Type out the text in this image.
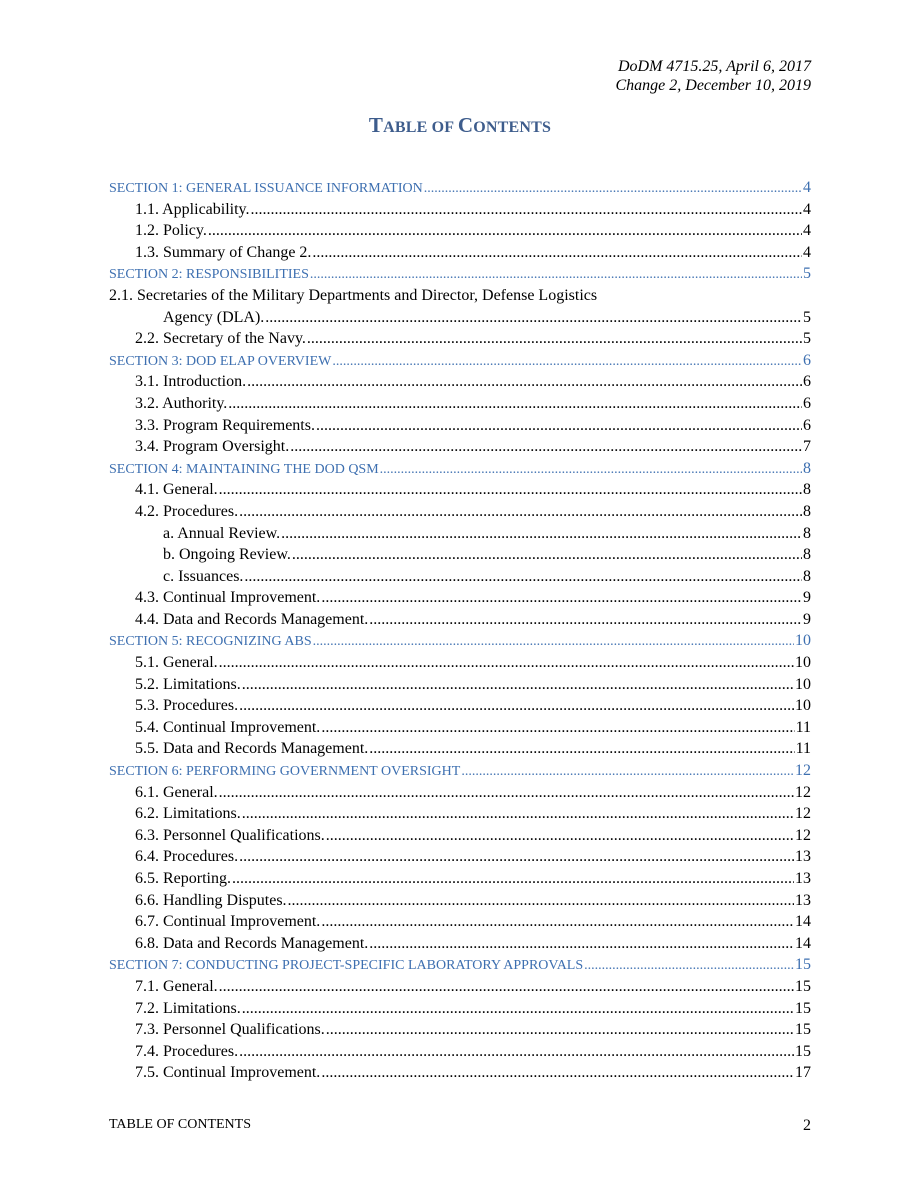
DoDM 4715.25, April 6, 2017
Change 2, December 10, 2019
TABLE OF CONTENTS
SECTION 1: GENERAL ISSUANCE INFORMATION .....	4
1.1. Applicability. .....	4
1.2. Policy. .....	4
1.3. Summary of Change 2. .....	4
SECTION 2: RESPONSIBILITIES .....	5
2.1. Secretaries of the Military Departments and Director, Defense Logistics
Agency (DLA). .....	5
2.2. Secretary of the Navy. .....	5
SECTION 3: DOD ELAP OVERVIEW .....	6
3.1. Introduction. .....	6
3.2. Authority. .....	6
3.3. Program Requirements. .....	6
3.4. Program Oversight. .....	7
SECTION 4: MAINTAINING THE DOD QSM .....	8
4.1. General. .....	8
4.2. Procedures. .....	8
a. Annual Review. .....	8
b. Ongoing Review. .....	8
c. Issuances. .....	8
4.3. Continual Improvement. .....	9
4.4. Data and Records Management. .....	9
SECTION 5: RECOGNIZING ABS .....	10
5.1. General. .....	10
5.2. Limitations. .....	10
5.3. Procedures. .....	10
5.4. Continual Improvement. .....	11
5.5. Data and Records Management. .....	11
SECTION 6: PERFORMING GOVERNMENT OVERSIGHT .....	12
6.1. General. .....	12
6.2. Limitations. .....	12
6.3. Personnel Qualifications. .....	12
6.4. Procedures. .....	13
6.5. Reporting. .....	13
6.6. Handling Disputes. .....	13
6.7. Continual Improvement. .....	14
6.8. Data and Records Management. .....	14
SECTION 7: CONDUCTING PROJECT-SPECIFIC LABORATORY APPROVALS .....	15
7.1. General. .....	15
7.2. Limitations. .....	15
7.3. Personnel Qualifications. .....	15
7.4. Procedures. .....	15
7.5. Continual Improvement. .....	17
TABLE OF CONTENTS	2
